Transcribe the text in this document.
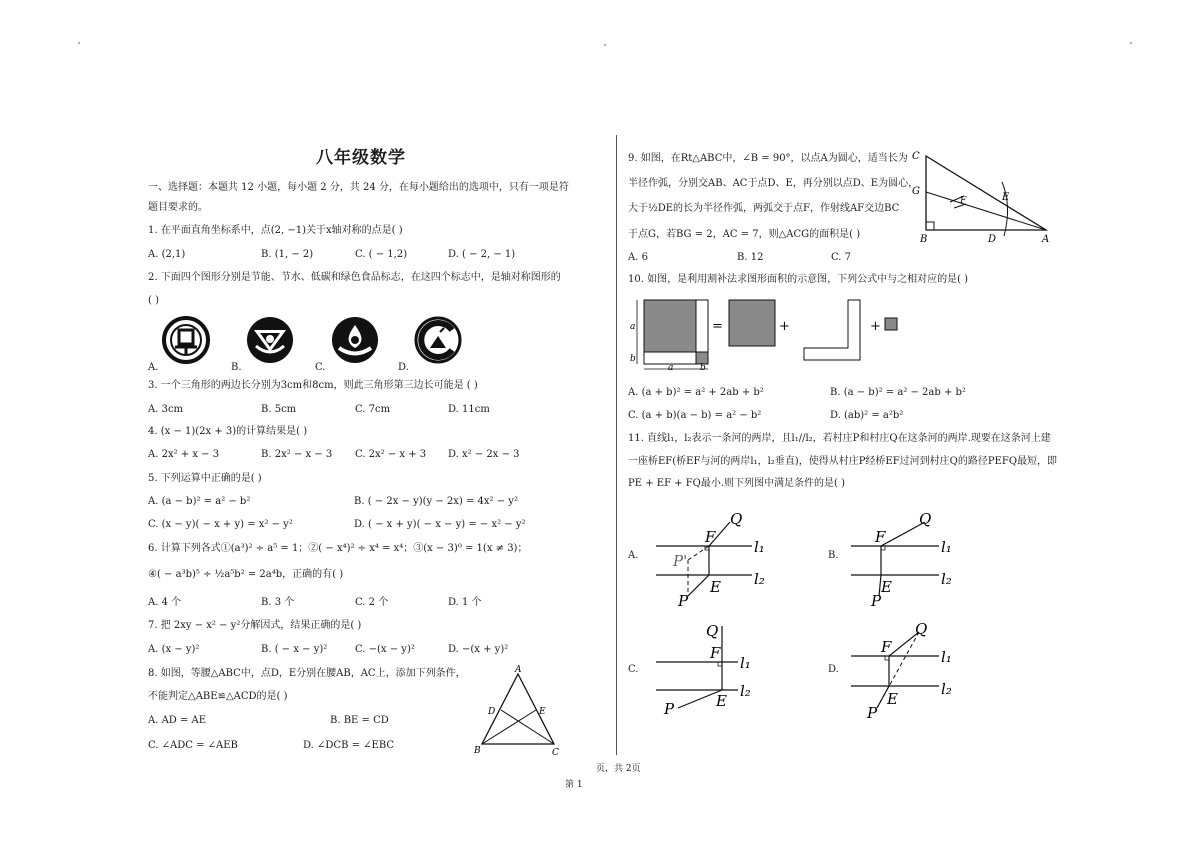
八年级数学
一、选择题：本题共 12 小题，每小题 2 分，共 24 分，在每小题给出的选项中，只有一项是符
题目要求的。
1. 在平面直角坐标系中，点(2, −1)关于x轴对称的点是( )
A. (2,1)	B. (1, − 2)	C. ( − 1,2)	D. ( − 2, − 1)
2. 下面四个图形分别是节能、节水、低碳和绿色食品标志，在这四个标志中，是轴对称图形的
( )
A.	B.	C.	D.
3. 一个三角形的两边长分别为3cm和8cm，则此三角形第三边长可能是 ( )
A. 3cm	B. 5cm	C. 7cm	D. 11cm
4. (x − 1)(2x + 3)的计算结果是( )
A. 2x² + x − 3	B. 2x² − x − 3 C. 2x² − x + 3 D. x² − 2x − 3
5. 下列运算中正确的是( )
A. (a − b)² = a² − b²	B. ( − 2x − y)(y − 2x) = 4x² − y²
C. (x − y)( − x + y) = x² − y²	D. ( − x + y)( − x − y) = − x² − y²
6. 计算下列各式①(a³)² ÷ a⁵ = 1；②( − x⁴)² ÷ x⁴ = x⁴；③(x − 3)⁰ = 1(x ≠ 3)；
④( − a³b)⁵ ÷ ½a⁵b² = 2a⁴b，正确的有( )
A. 4 个	B. 3 个	C. 2 个	D. 1 个
7. 把 2xy − x² − y²分解因式，结果正确的是( )
A. (x − y)²	B. ( − x − y)²	C. −(x − y)²	D. −(x + y)²
8. 如图，等腰△ABC中，点D，E分别在腰AB，AC上，添加下列条件，
不能判定△ABE≌△ACD的是( )
A. AD = AE	B. BE = CD
C. ∠ADC = ∠AEB	D. ∠DCB = ∠EBC
A
D	E
B	C
9. 如图，在Rt△ABC中，∠B = 90°，以点A为圆心，适当长为
半径作弧，分别交AB、AC于点D、E，再分别以点D、E为圆心，
大于½DE的长为半径作弧，两弧交于点F，作射线AF交边BC
于点G，若BG = 2，AC = 7，则△ACG的面积是( )
A. 6	B. 12	C. 7
C
G
E
F
B	D	A
10. 如图，是利用割补法求图形面积的示意图，下列公式中与之相对应的是( )
a
b
a	b
=	+	+
A. (a + b)² = a² + 2ab + b²	B. (a − b)² = a² − 2ab + b²
C. (a + b)(a − b) = a² − b²	D. (ab)² = a²b²
11. 直线l₁，l₂表示一条河的两岸，且l₁//l₂，若村庄P和村庄Q在这条河的两岸.现要在这条河上建
一座桥EF(桥EF与河的两岸l₁，l₂垂直)，使得从村庄P经桥EF过河到村庄Q的路径PEFQ最短，即
PE + EF + FQ最小.则下列图中满足条件的是( )
A.	B.
C.	D.
Q
F
E
P'
P
l₁
l₂
Q
F
E
P
l₁
l₂
Q
F
E
P
l₁
l₂
Q
F
E
P
l₁
l₂
页，共 2页
第 1
